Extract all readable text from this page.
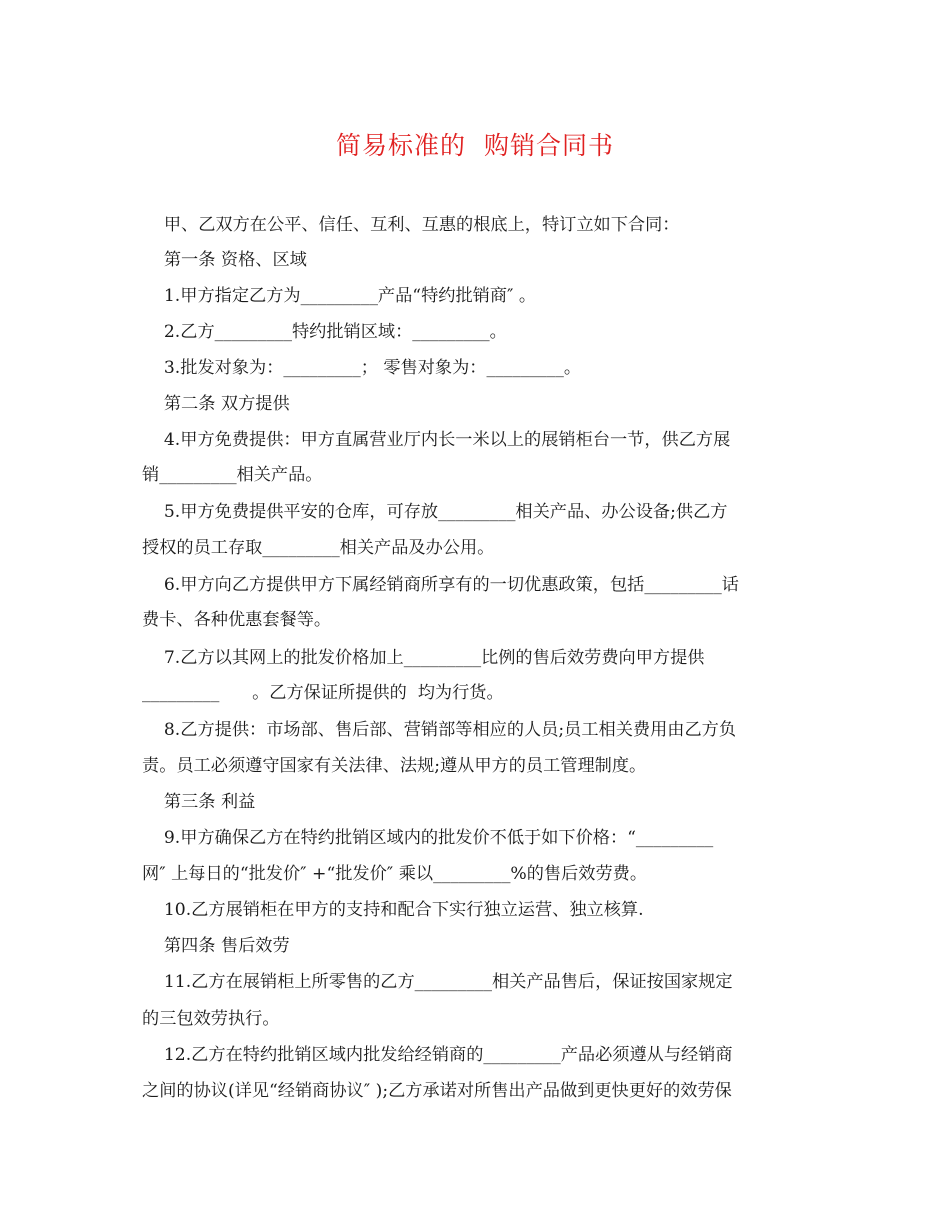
简易标准的  购销合同书
甲、乙双方在公平、信任、互利、互惠的根底上，特订立如下合同：
第一条 资格、区域
1.甲方指定乙方为_________产品“特约批销商″ 。
2.乙方_________特约批销区域：_________。
3.批发对象为：_________； 零售对象为：_________。
第二条 双方提供
4.甲方免费提供：甲方直属营业厅内长一米以上的展销柜台一节，供乙方展
销_________相关产品。
5.甲方免费提供平安的仓库，可存放_________相关产品、办公设备;供乙方
授权的员工存取_________相关产品及办公用。
6.甲方向乙方提供甲方下属经销商所享有的一切优惠政策，包括_________话
费卡、各种优惠套餐等。
7.乙方以其网上的批发价格加上_________比例的售后效劳费向甲方提供
_________      。乙方保证所提供的  均为行货。
8.乙方提供：市场部、售后部、营销部等相应的人员;员工相关费用由乙方负
责。员工必须遵守国家有关法律、法规;遵从甲方的员工管理制度。
第三条 利益
9.甲方确保乙方在特约批销区域内的批发价不低于如下价格：“_________
网″ 上每日的“批发价″ +“批发价″ 乘以_________%的售后效劳费。
10.乙方展销柜在甲方的支持和配合下实行独立运营、独立核算.
第四条 售后效劳
11.乙方在展销柜上所零售的乙方_________相关产品售后，保证按国家规定
的三包效劳执行。
12.乙方在特约批销区域内批发给经销商的_________产品必须遵从与经销商
之间的协议(详见“经销商协议″ );乙方承诺对所售出产品做到更快更好的效劳保
